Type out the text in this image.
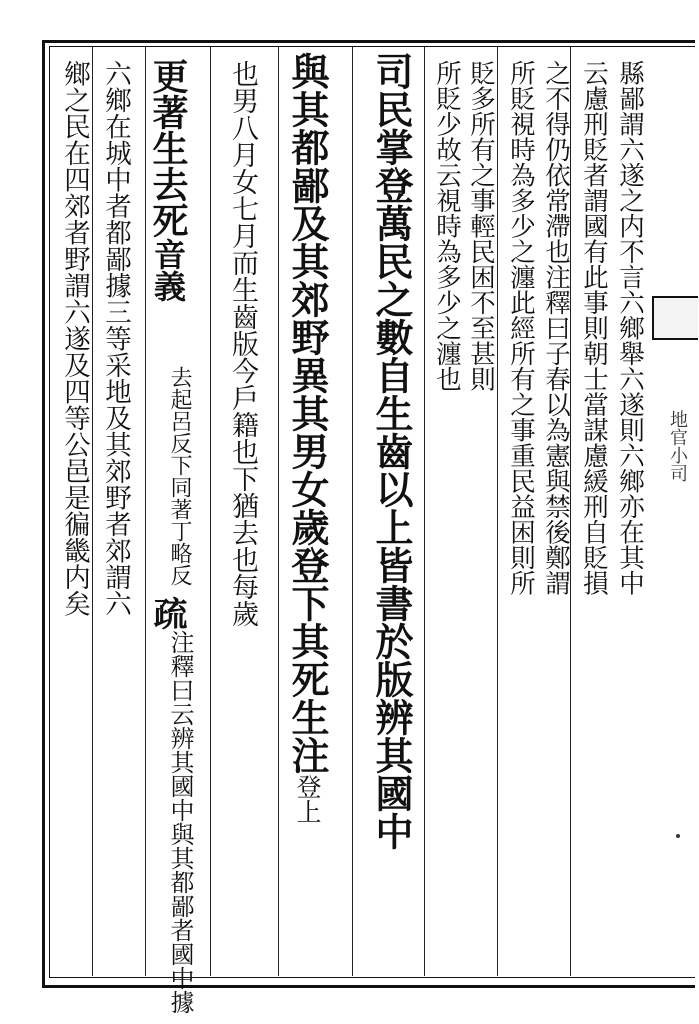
地官小司
縣鄙謂六遂之内不言六鄉舉六遂則六鄉亦在其中
云慮刑貶者謂國有此事則朝士當謀慮緩刑自貶損
之不得仍依常滯也注釋曰子春以為憲與禁後鄭謂
所貶視時為多少之瀍此經所有之事重民益困則所
貶多所有之事輕民困不至甚則
所貶少故云視時為多少之瀍也
司民掌登萬民之數自生齒以上皆書於版辨其國中
與其都鄙及其郊野異其男女歲登下其死生注登上
也男八月女七月而生齒版今戶籍也下猶去也每歲
更著生去死音義
去起呂反下同著丁略反
疏
注釋曰云辨其國中與其都鄙者國中據
六鄉在城中者都鄙據三等采地及其郊野者郊謂六
鄉之民在四郊者野謂六遂及四等公邑是徧畿内矣
